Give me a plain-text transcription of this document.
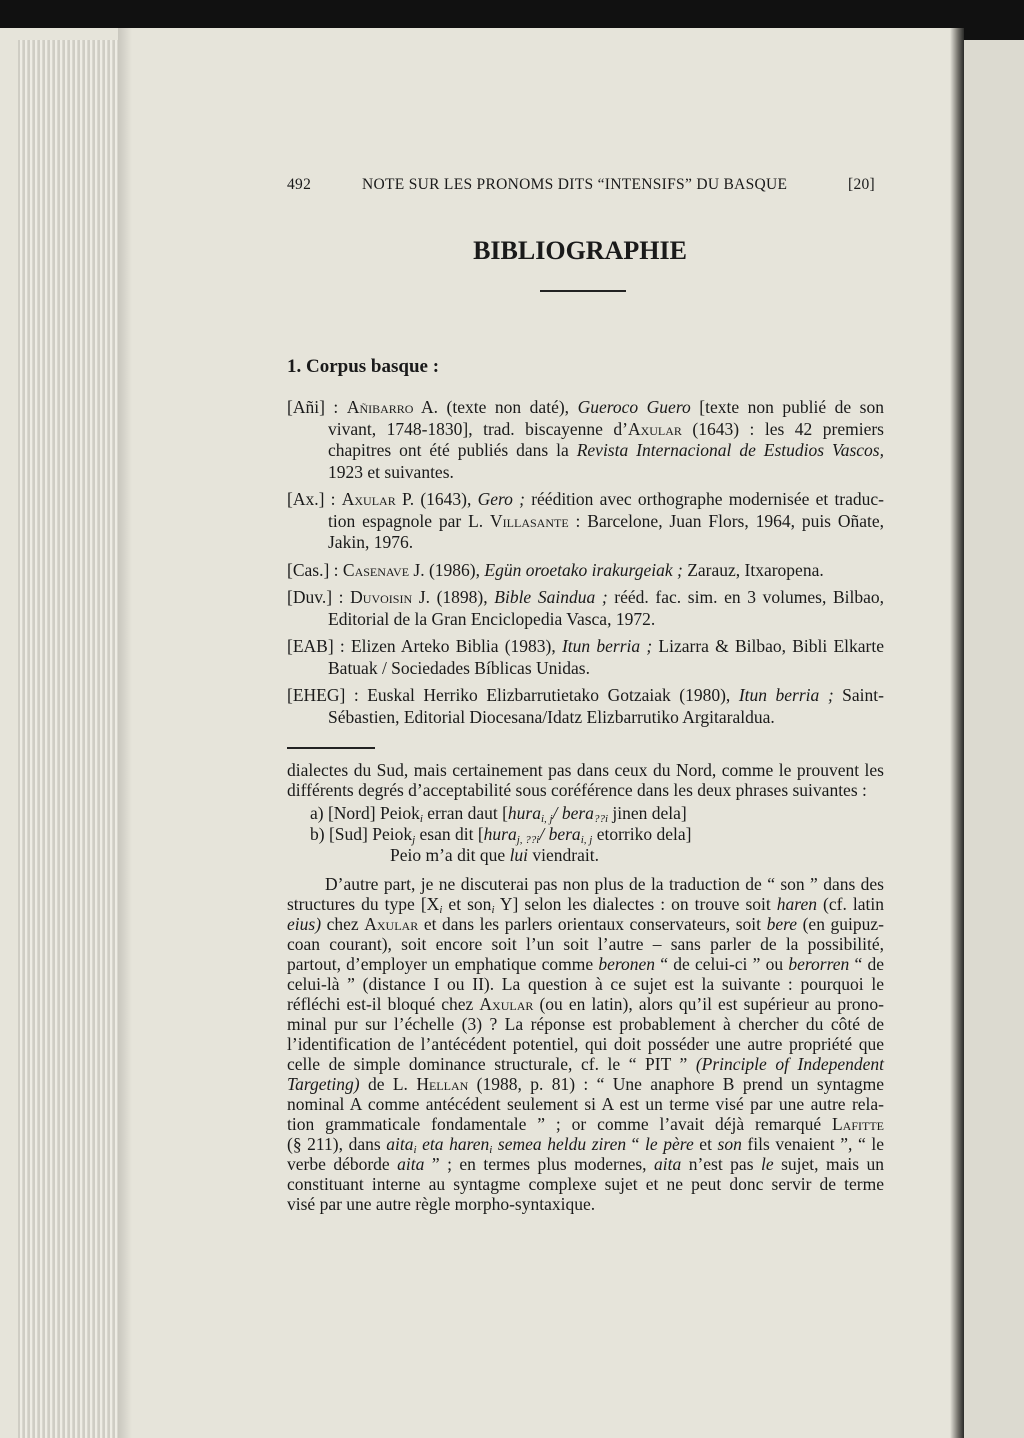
492	NOTE SUR LES PRONOMS DITS “INTENSIFS” DU BASQUE	[20]
BIBLIOGRAPHIE
1. Corpus basque :
[Añi] : Añibarro A. (texte non daté), Gueroco Guero [texte non publié de son
vivant, 1748-1830], trad. biscayenne d’Axular (1643) : les 42 premiers
chapitres ont été publiés dans la Revista Internacional de Estudios Vascos,
1923 et suivantes.
[Ax.] : Axular P. (1643), Gero ; réédition avec orthographe modernisée et traduc-
tion espagnole par L. Villasante : Barcelone, Juan Flors, 1964, puis Oñate,
Jakin, 1976.
[Cas.] : Casenave J. (1986), Egün oroetako irakurgeiak ; Zarauz, Itxaropena.
[Duv.] : Duvoisin J. (1898), Bible Saindua ; rééd. fac. sim. en 3 volumes, Bilbao,
Editorial de la Gran Enciclopedia Vasca, 1972.
[EAB] : Elizen Arteko Biblia (1983), Itun berria ; Lizarra & Bilbao, Bibli Elkarte
Batuak / Sociedades Bíblicas Unidas.
[EHEG] : Euskal Herriko Elizbarrutietako Gotzaiak (1980), Itun berria ; Saint-
Sébastien, Editorial Diocesana/Idatz Elizbarrutiko Argitaraldua.
dialectes du Sud, mais certainement pas dans ceux du Nord, comme le prouvent les
différents degrés d’acceptabilité sous coréférence dans les deux phrases suivantes :
a) [Nord] Peioki erran daut [hurai, j/ bera??i jinen dela]
b) [Sud] Peiokj esan dit [huraj, ??i/ berai, j etorriko dela]
Peio m’a dit que lui viendrait.
D’autre part, je ne discuterai pas non plus de la traduction de “ son ” dans des
structures du type [Xi et soni Y] selon les dialectes : on trouve soit haren (cf. latin
eius) chez Axular et dans les parlers orientaux conservateurs, soit bere (en guipuz-
coan courant), soit encore soit l’un soit l’autre – sans parler de la possibilité,
partout, d’employer un emphatique comme beronen “ de celui-ci ” ou berorren “ de
celui-là ” (distance I ou II). La question à ce sujet est la suivante : pourquoi le
réfléchi est-il bloqué chez Axular (ou en latin), alors qu’il est supérieur au prono-
minal pur sur l’échelle (3) ? La réponse est probablement à chercher du côté de
l’identification de l’antécédent potentiel, qui doit posséder une autre propriété que
celle de simple dominance structurale, cf. le “ PIT ” (Principle of Independent
Targeting) de L. Hellan (1988, p. 81) : “ Une anaphore B prend un syntagme
nominal A comme antécédent seulement si A est un terme visé par une autre rela-
tion grammaticale fondamentale ” ; or comme l’avait déjà remarqué Lafitte
(§ 211), dans aitai eta hareni semea heldu ziren “ le père et son fils venaient ”, “ le
verbe déborde aita ” ; en termes plus modernes, aita n’est pas le sujet, mais un
constituant interne au syntagme complexe sujet et ne peut donc servir de terme
visé par une autre règle morpho-syntaxique.
